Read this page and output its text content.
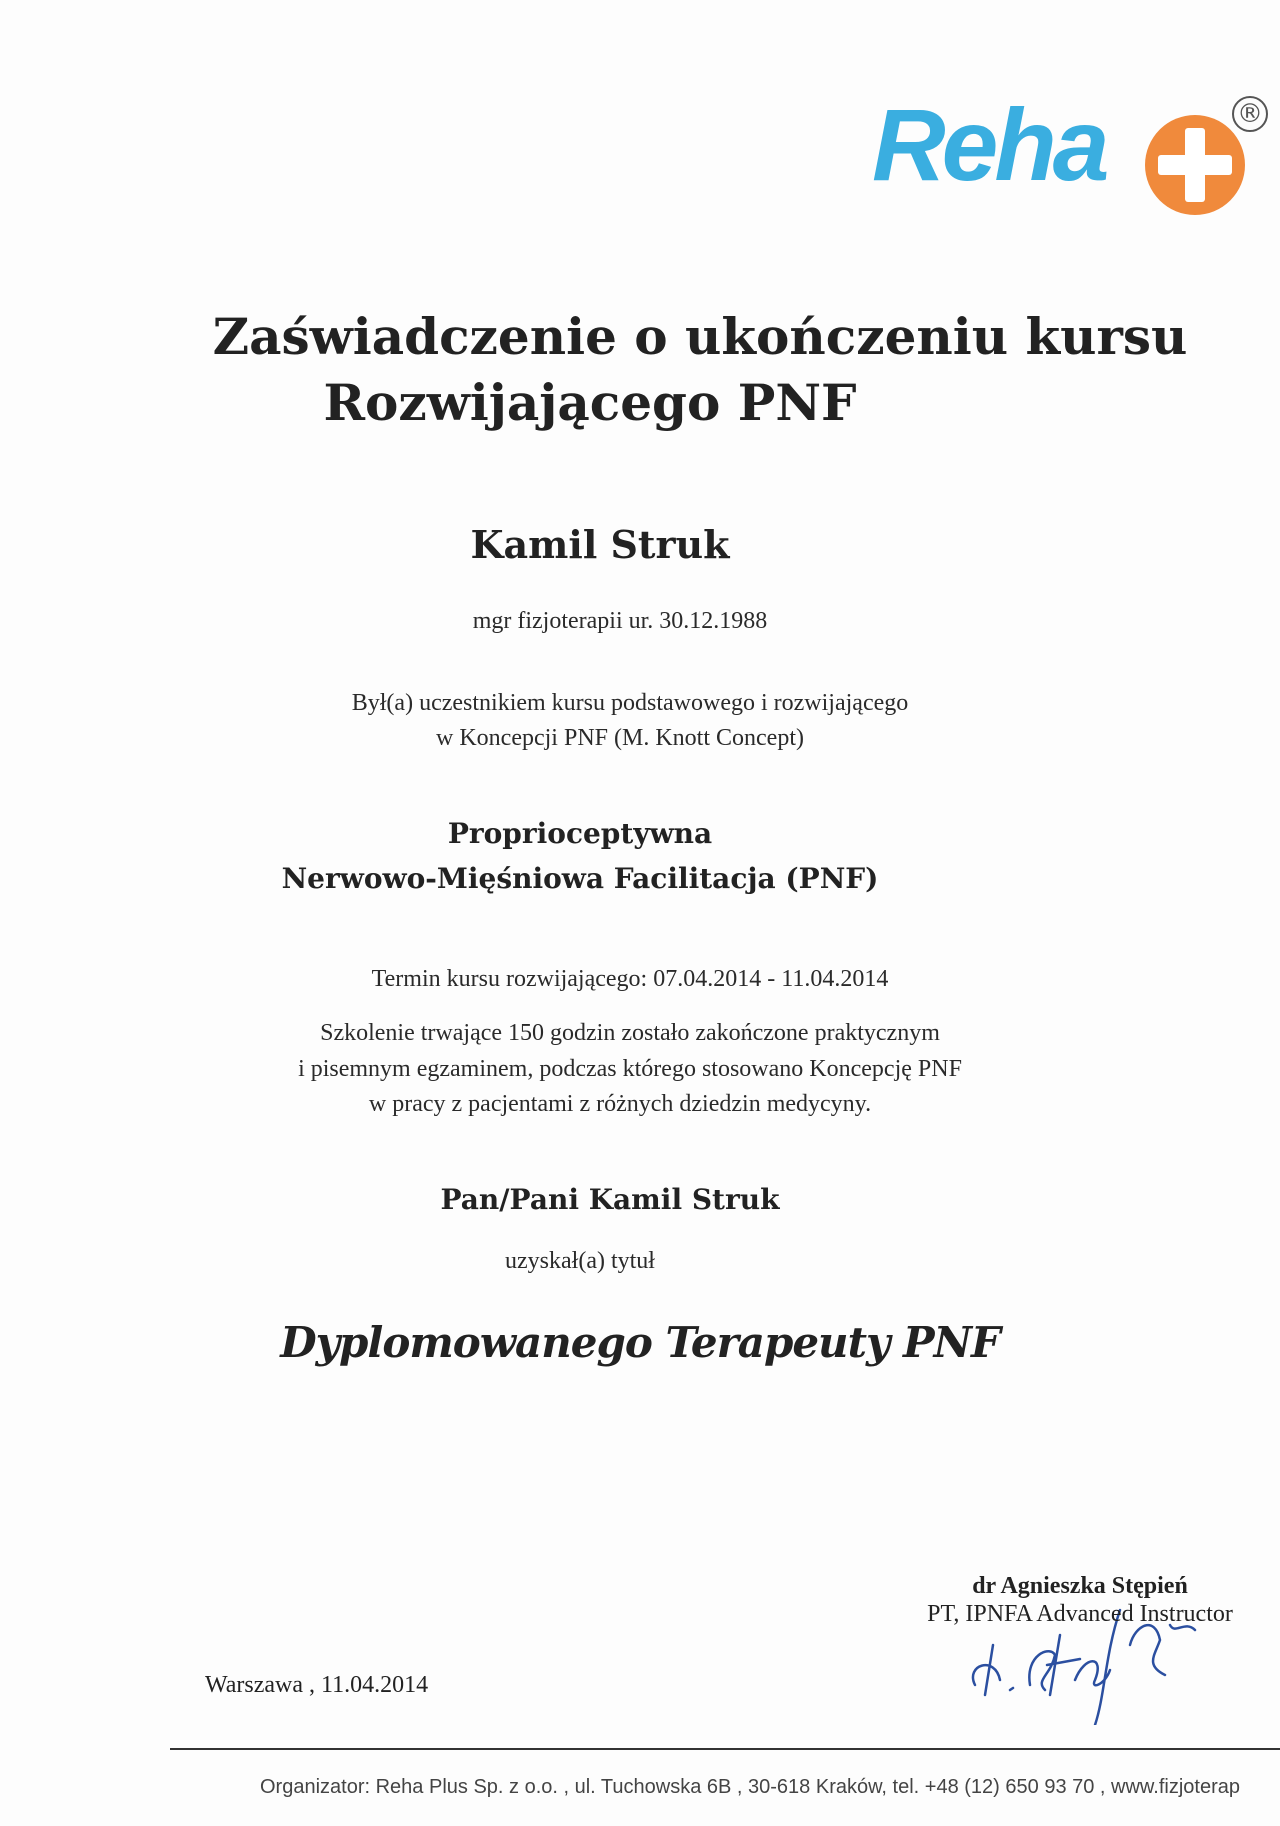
Reha	®
Zaświadczenie o ukończeniu kursu
Rozwijającego PNF
Kamil Struk
mgr fizjoterapii ur. 30.12.1988
Był(a) uczestnikiem kursu podstawowego i rozwijającego
w Koncepcji PNF (M. Knott Concept)
Proprioceptywna
Nerwowo-Mięśniowa Facilitacja (PNF)
Termin kursu rozwijającego: 07.04.2014 - 11.04.2014
Szkolenie trwające 150 godzin zostało zakończone praktycznym
i pisemnym egzaminem, podczas którego stosowano Koncepcję PNF
w pracy z pacjentami z różnych dziedzin medycyny.
Pan/Pani Kamil Struk
uzyskał(a) tytuł
Dyplomowanego Terapeuty PNF
dr Agnieszka Stępień
PT, IPNFA Advanced Instructor
Warszawa , 11.04.2014
Organizator: Reha Plus Sp. z o.o. , ul. Tuchowska 6B , 30-618 Kraków, tel. +48 (12) 650 93 70 , www.fizjoterap
